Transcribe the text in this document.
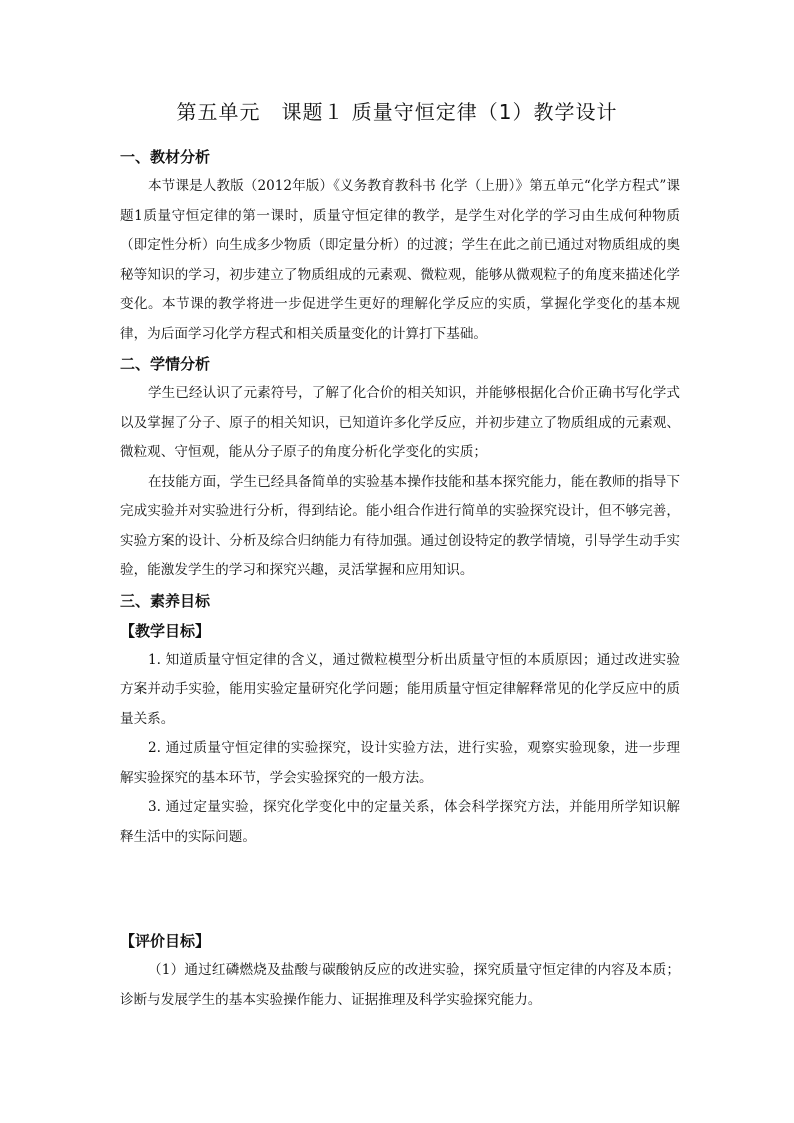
第五单元　课题１ 质量守恒定律（1）教学设计

一、教材分析

本节课是人教版（2012年版）《义务教育教科书 化学（上册）》第五单元“化学方程式”课题1质量守恒定律的第一课时，质量守恒定律的教学，是学生对化学的学习由生成何种物质（即定性分析）向生成多少物质（即定量分析）的过渡；学生在此之前已通过对物质组成的奥秘等知识的学习，初步建立了物质组成的元素观、微粒观，能够从微观粒子的角度来描述化学变化。本节课的教学将进一步促进学生更好的理解化学反应的实质，掌握化学变化的基本规律，为后面学习化学方程式和相关质量变化的计算打下基础。

二、学情分析

学生已经认识了元素符号，了解了化合价的相关知识，并能够根据化合价正确书写化学式以及掌握了分子、原子的相关知识，已知道许多化学反应，并初步建立了物质组成的元素观、微粒观、守恒观，能从分子原子的角度分析化学变化的实质；

在技能方面，学生已经具备简单的实验基本操作技能和基本探究能力，能在教师的指导下完成实验并对实验进行分析，得到结论。能小组合作进行简单的实验探究设计，但不够完善，实验方案的设计、分析及综合归纳能力有待加强。通过创设特定的教学情境，引导学生动手实验，能激发学生的学习和探究兴趣，灵活掌握和应用知识。

三、素养目标

【教学目标】

1. 知道质量守恒定律的含义，通过微粒模型分析出质量守恒的本质原因；通过改进实验方案并动手实验，能用实验定量研究化学问题；能用质量守恒定律解释常见的化学反应中的质量关系。

2. 通过质量守恒定律的实验探究，设计实验方法，进行实验，观察实验现象，进一步理解实验探究的基本环节，学会实验探究的一般方法。

3. 通过定量实验，探究化学变化中的定量关系，体会科学探究方法，并能用所学知识解释生活中的实际问题。

【评价目标】

（1）通过红磷燃烧及盐酸与碳酸钠反应的改进实验，探究质量守恒定律的内容及本质；诊断与发展学生的基本实验操作能力、证据推理及科学实验探究能力。
